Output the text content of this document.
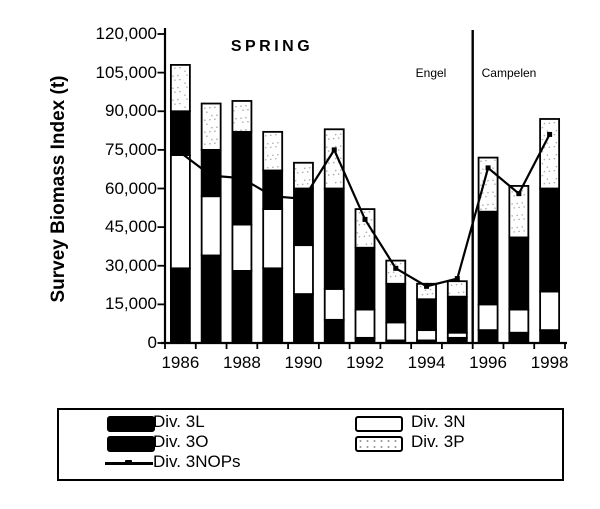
Survey Biomass Index (t)
SPRING
Engel	Campelen
1986	1988	1990	1992	1994	1996	1998
0
15,000
30,000
45,000
60,000
75,000
90,000
105,000
120,000
Div. 3L
Div. 3O
Div. 3NOPs
Div. 3N
Div. 3P
